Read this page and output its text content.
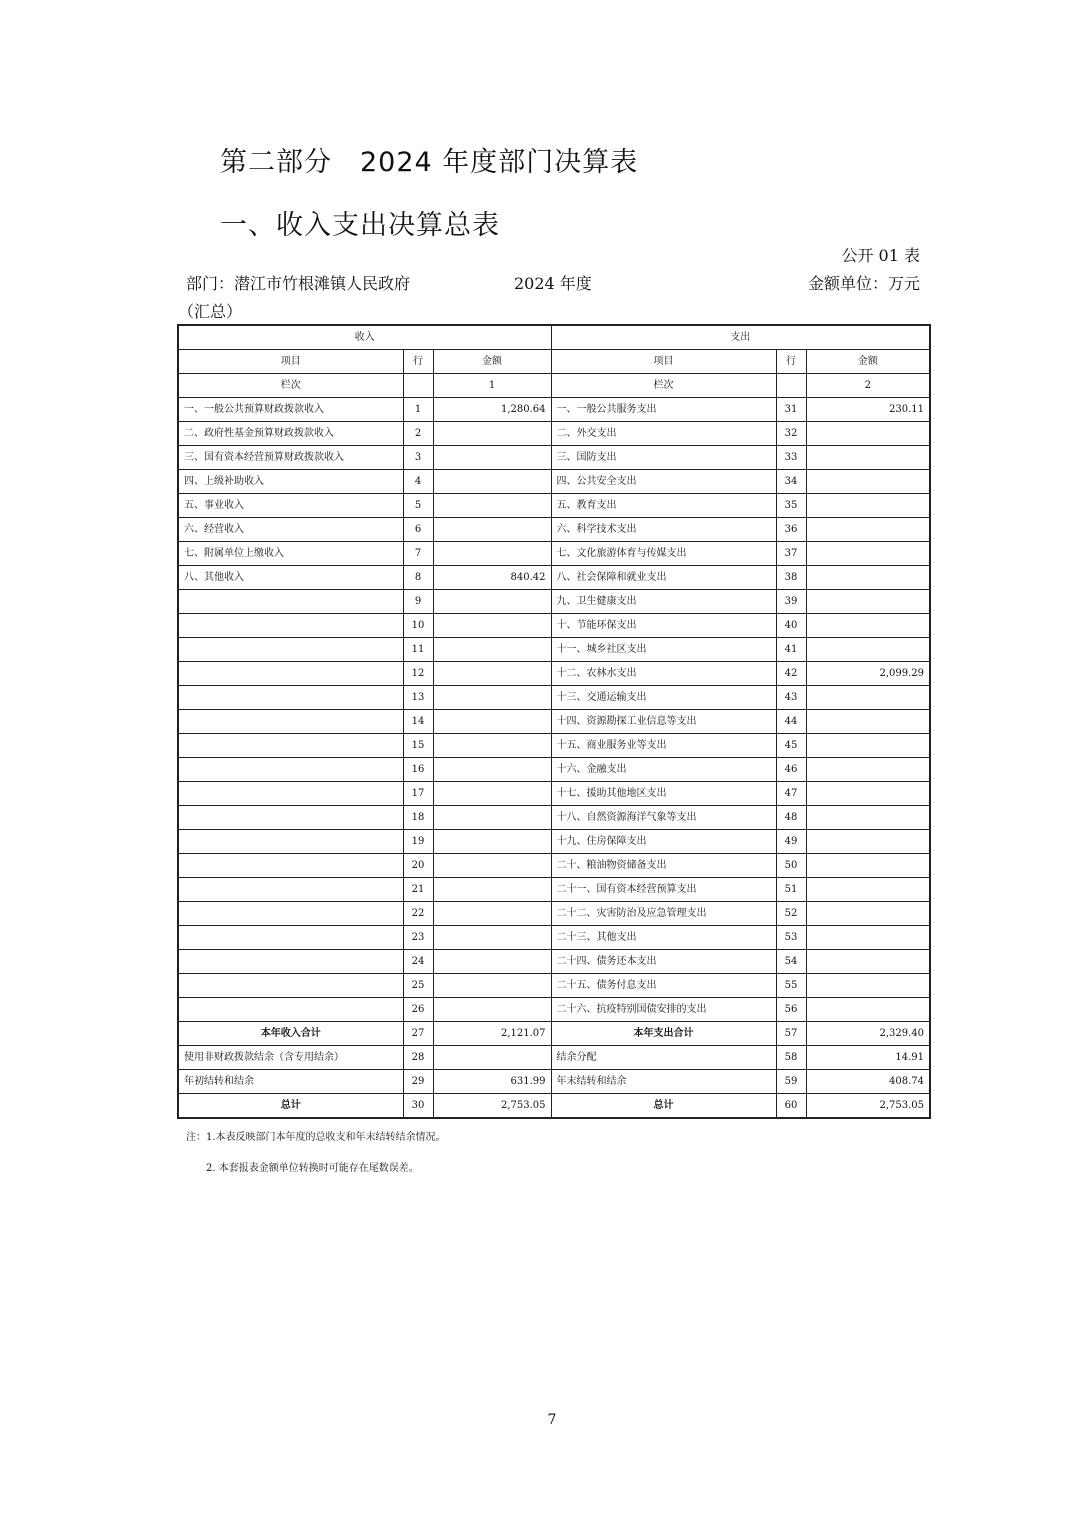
第二部分　2024 年度部门决算表
一、收入支出决算总表
公开 01 表
部门：潜江市竹根滩镇人民政府	2024 年度	金额单位：万元
（汇总）
收入			支出		
项目	行	金额	项目	行	金额
栏次		1	栏次		2
一、一般公共预算财政拨款收入	1	1,280.64	一、一般公共服务支出	31	230.11
二、政府性基金预算财政拨款收入	2		二、外交支出	32	
三、国有资本经营预算财政拨款收入	3		三、国防支出	33	
四、上级补助收入	4		四、公共安全支出	34	
五、事业收入	5		五、教育支出	35	
六、经营收入	6		六、科学技术支出	36	
七、附属单位上缴收入	7		七、文化旅游体育与传媒支出	37	
八、其他收入	8	840.42	八、社会保障和就业支出	38	
	9		九、卫生健康支出	39	
	10		十、节能环保支出	40	
	11		十一、城乡社区支出	41	
	12		十二、农林水支出	42	2,099.29
	13		十三、交通运输支出	43	
	14		十四、资源勘探工业信息等支出	44	
	15		十五、商业服务业等支出	45	
	16		十六、金融支出	46	
	17		十七、援助其他地区支出	47	
	18		十八、自然资源海洋气象等支出	48	
	19		十九、住房保障支出	49	
	20		二十、粮油物资储备支出	50	
	21		二十一、国有资本经营预算支出	51	
	22		二十二、灾害防治及应急管理支出	52	
	23		二十三、其他支出	53	
	24		二十四、债务还本支出	54	
	25		二十五、债务付息支出	55	
	26		二十六、抗疫特别国债安排的支出	56	
本年收入合计	27	2,121.07	本年支出合计	57	2,329.40
使用非财政拨款结余（含专用结余）	28		结余分配	58	14.91
年初结转和结余	29	631.99	年末结转和结余	59	408.74
总计	30	2,753.05	总计	60	2,753.05
注：1.本表反映部门本年度的总收支和年末结转结余情况。
2. 本套报表金额单位转换时可能存在尾数误差。
7
